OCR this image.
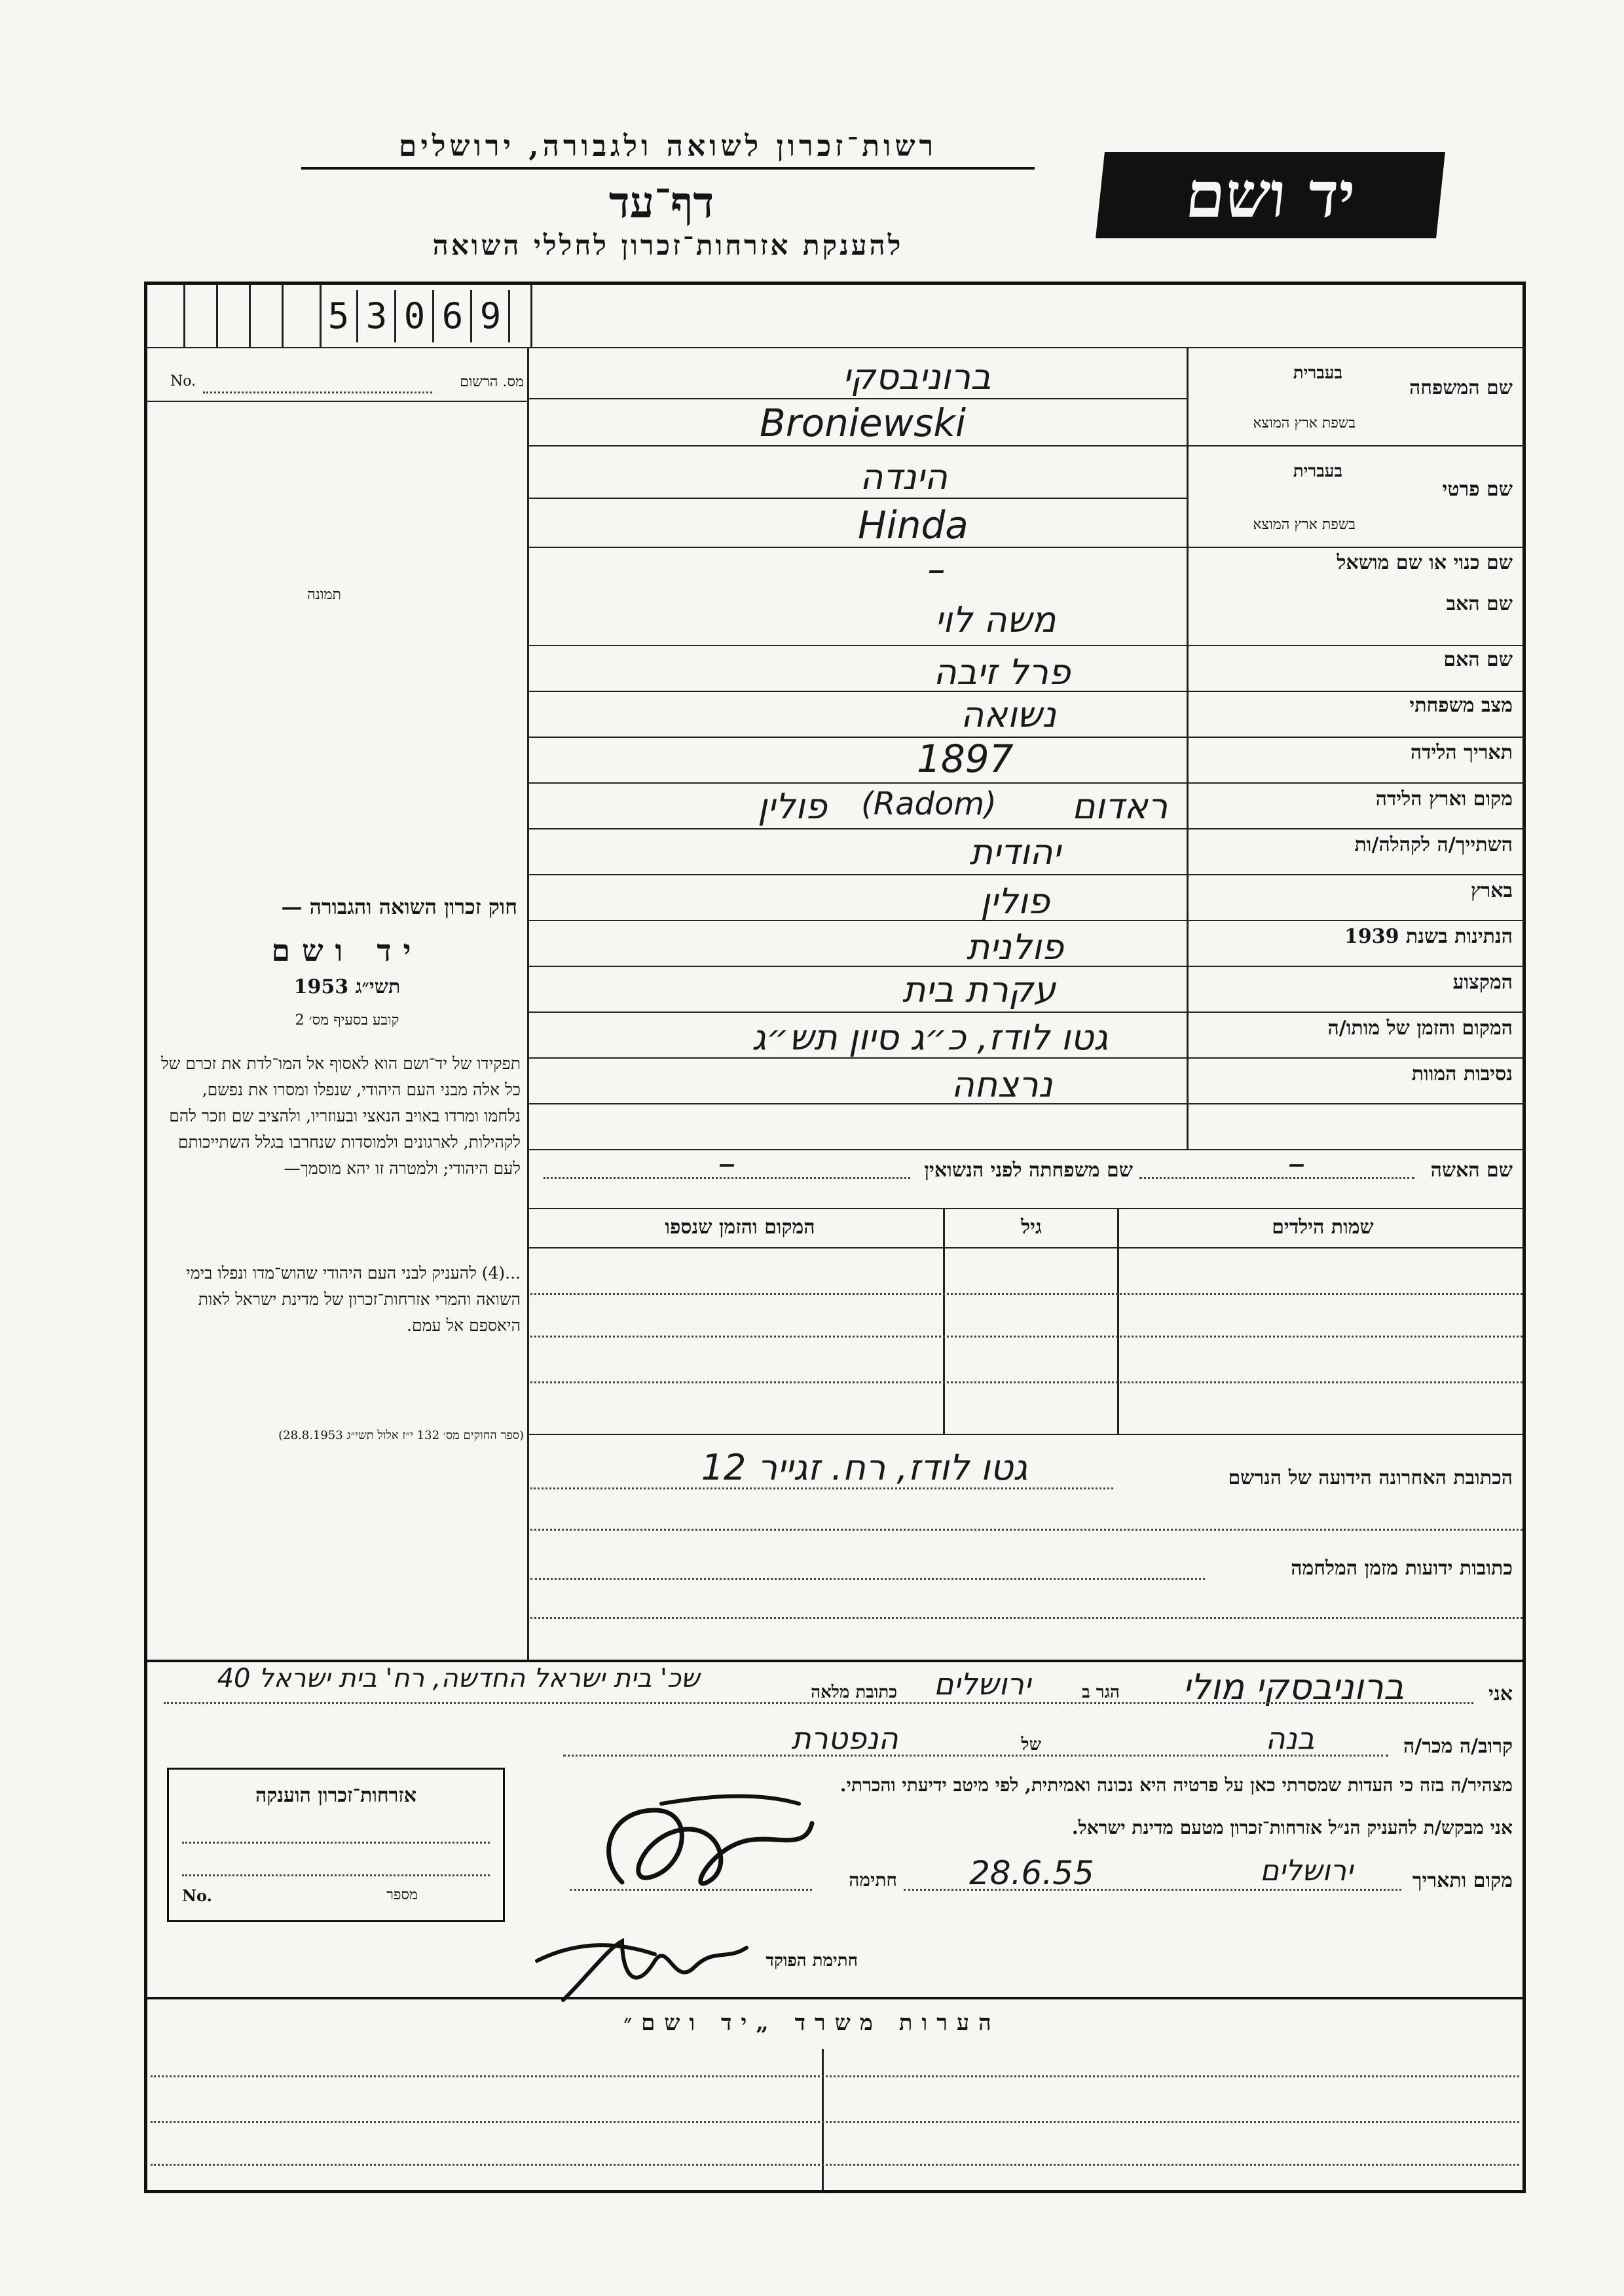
רשות־זכרון לשואה ולגבורה, ירושלים
דף־עד
להענקת אזרחות־זכרון לחללי השואה
יד ושם
5 3 0 6 9
מס. הרשום
No.
תמונה
חוק זכרון השואה והגבורה —
יד ושם
תשי״ג 1953
קובע בסעיף מס׳ 2
תפקידו של יד־ושם הוא לאסוף אל המו־לדת את זכרם של כל אלה מבני העם היהודי, שנפלו ומסרו את נפשם, נלחמו ומרדו באויב הנאצי ובעוזריו, ולהציב שם וזכר להם לקהילות, לארגונים ולמוסדות שנחרבו בגלל השתייכותם לעם היהודי; ולמטרה זו יהא מוסמך—
...(4) להעניק לבני העם היהודי שהוש־מדו ונפלו בימי השואה והמרי אזרחות־זכרון של מדינת ישראל לאות היאספם אל עמם.
(ספר החוקים מס׳ 132 י״ז אלול תשי״ג 28.8.1953)
שם המשפחה
בעברית
בשפת ארץ המוצא
ברוניבסקי
Broniewski
שם פרטי
בעברית
בשפת ארץ המוצא
הינדה
Hinda
שם כנוי או שם מושאל
–
שם האב
משה לוי
שם האם
פרל זיבה
מצב משפחתי
נשואה
תאריך הלידה
1897
מקום וארץ הלידה
ראדום
(Radom)
פולין
השתייך/ה לקהלה/ות
יהודית
בארץ
פולין
הנתינות בשנת 1939
פולנית
המקצוע
עקרת בית
המקום והזמן של מותו/ה
גטו לודז, כ״ג סיון תש״ג
נסיבות המוות
נרצחה
שם האשה
–
שם משפחתה לפני הנשואין
–
שמות הילדים
גיל
המקום והזמן שנספו
הכתובת האחרונה הידועה של הנרשם
גטו לודז, רח. זגייר 12
כתובות ידועות מזמן המלחמה
אני
ברוניבסקי מולי
הגר ב
ירושלים
כתובת מלאה
שכ' בית ישראל החדשה, רח' בית ישראל 40
קרוב/ה מכר/ה
בנה
של
הנפטרת
מצהיר/ה בזה כי העדות שמסרתי כאן על פרטיה היא נכונה ואמיתית, לפי מיטב ידיעתי והכרתי.
אני מבקש/ת להעניק הנ״ל אזרחות־זכרון מטעם מדינת ישראל.
מקום ותאריך
ירושלים
28.6.55
חתימה
חתימת הפוקד
אזרחות־זכרון הוענקה
No.	מספר
הערות משרד „יד ושם״
